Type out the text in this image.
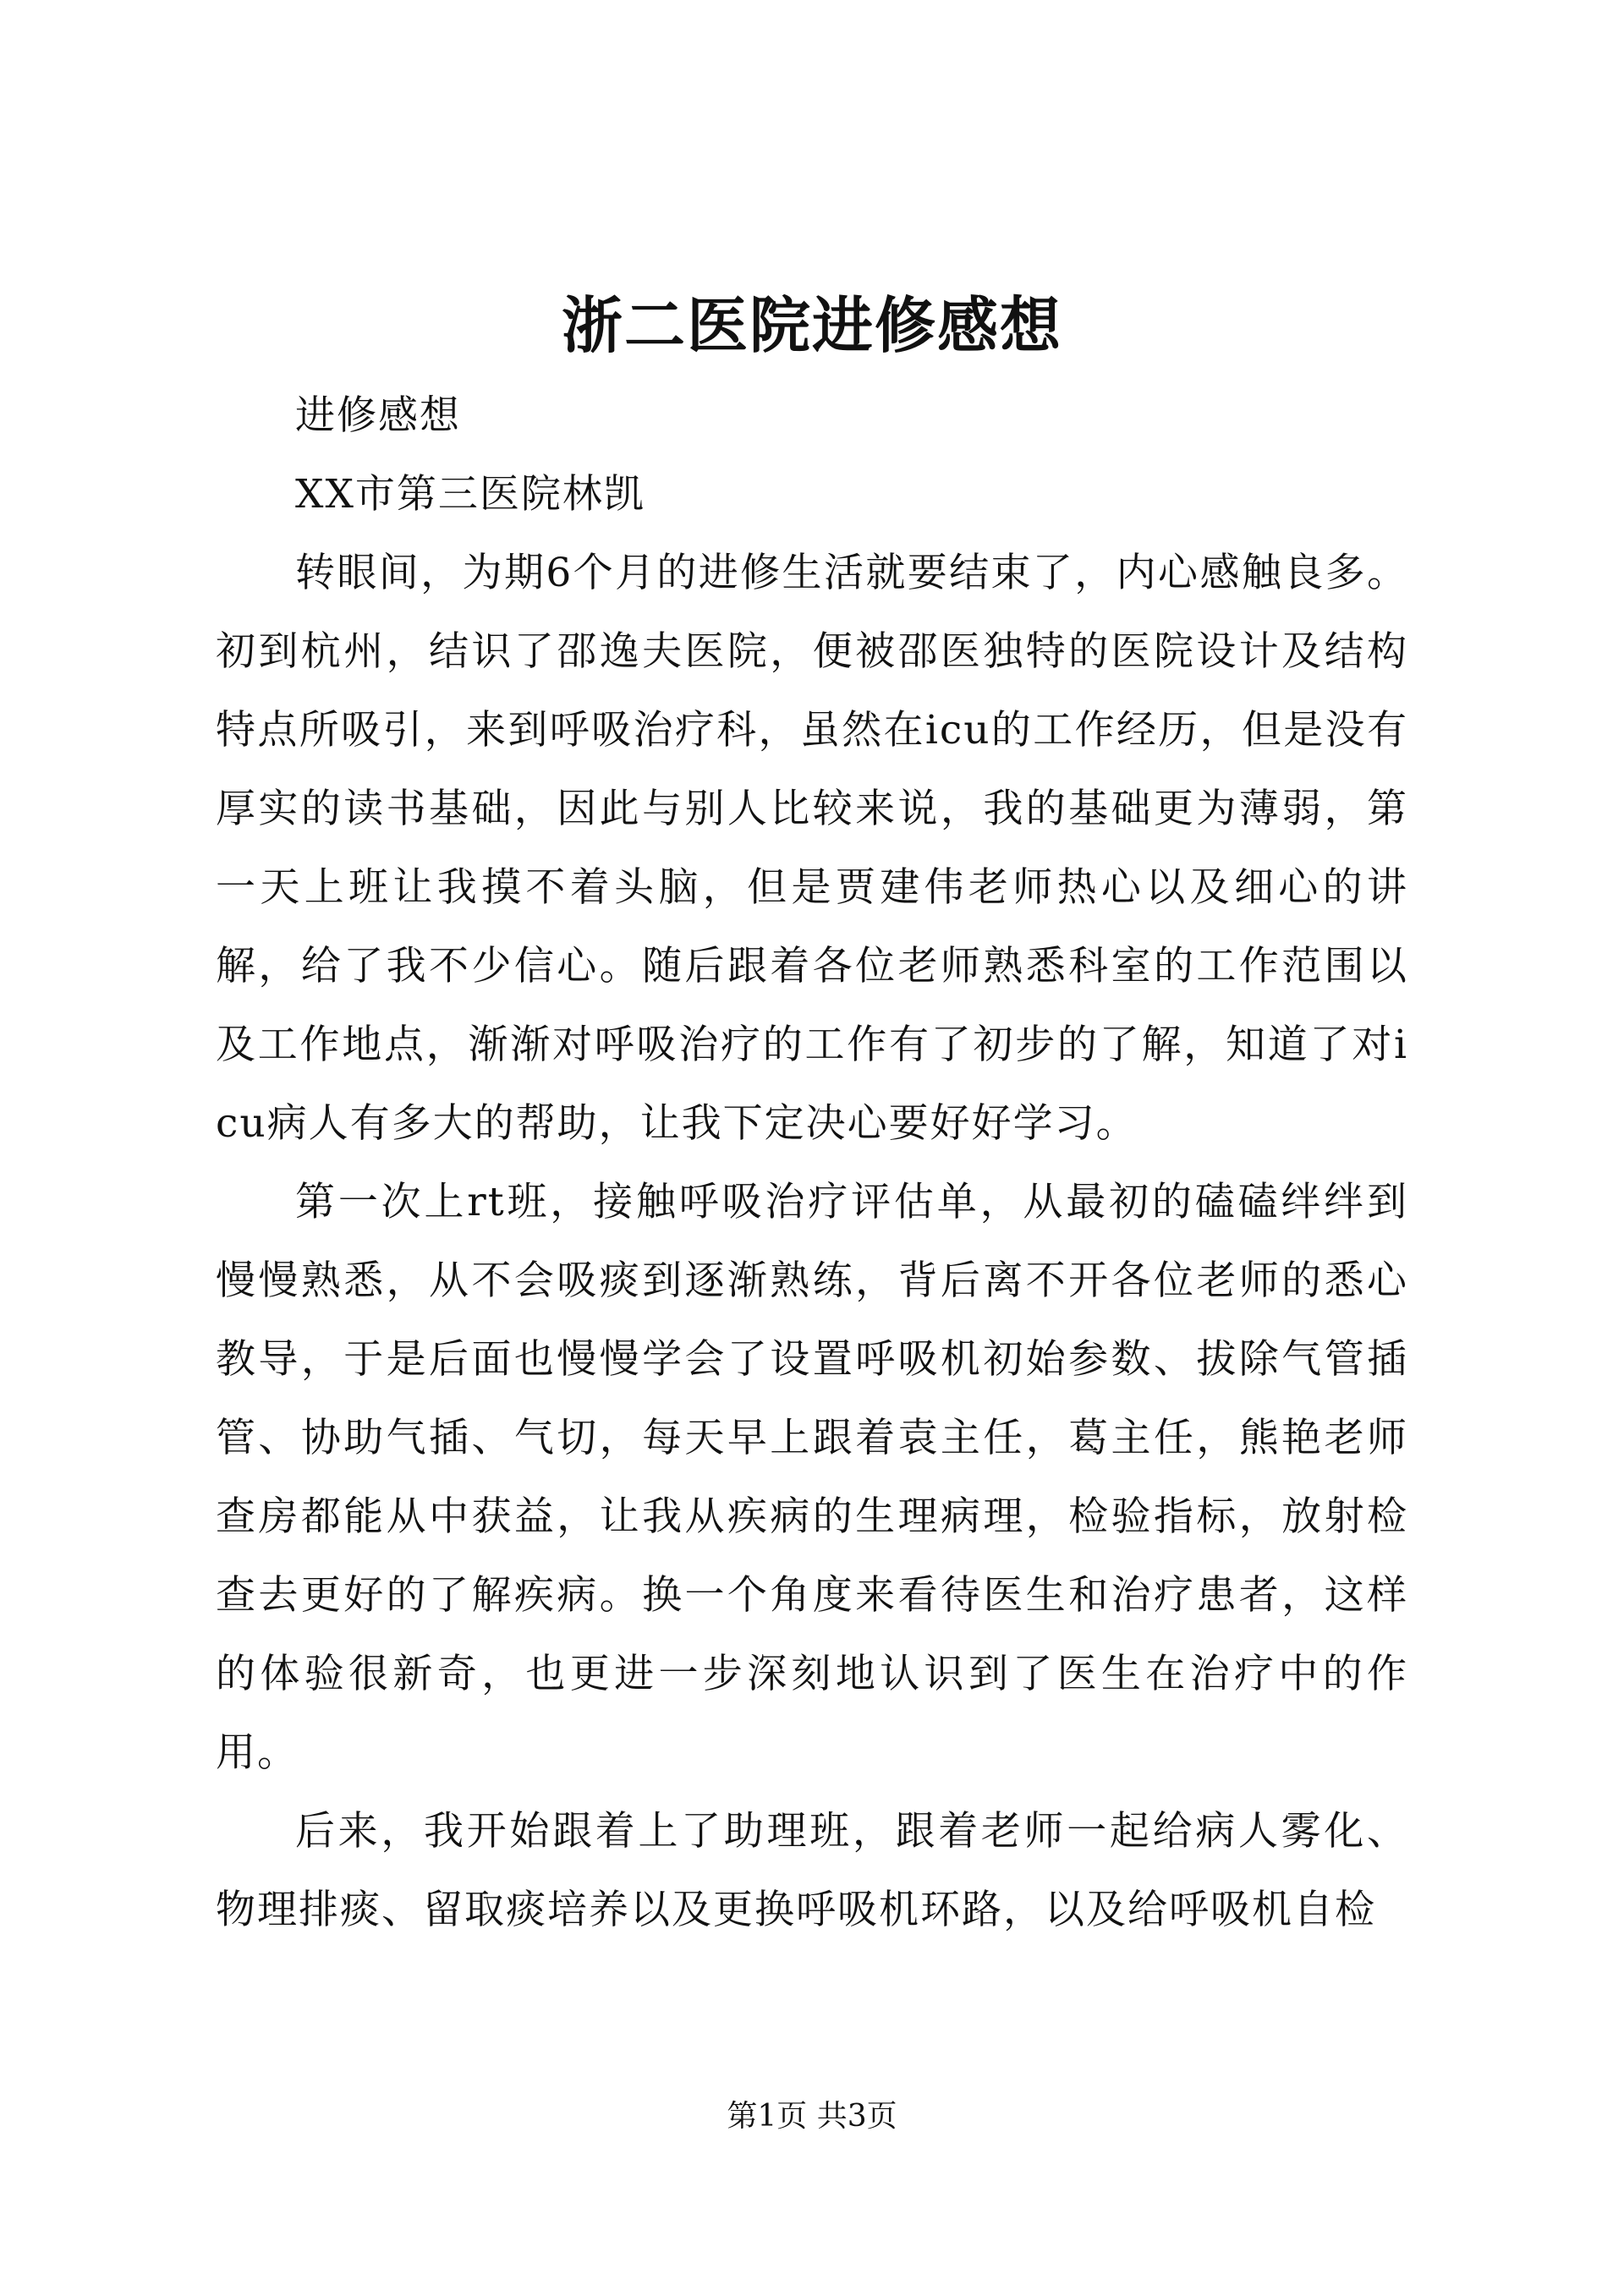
浙二医院进修感想

进修感想

XX市第三医院林凯

转眼间，为期6个月的进修生活就要结束了，内心感触良多。初到杭州，结识了邵逸夫医院，便被邵医独特的医院设计及结构特点所吸引，来到呼吸治疗科，虽然在icu的工作经历，但是没有厚实的读书基础，因此与别人比较来说，我的基础更为薄弱，第一天上班让我摸不着头脑，但是贾建伟老师热心以及细心的讲解，给了我不少信心。随后跟着各位老师熟悉科室的工作范围以及工作地点，渐渐对呼吸治疗的工作有了初步的了解，知道了对icu病人有多大的帮助，让我下定决心要好好学习。

第一次上rt班，接触呼吸治疗评估单，从最初的磕磕绊绊到慢慢熟悉，从不会吸痰到逐渐熟练，背后离不开各位老师的悉心教导，于是后面也慢慢学会了设置呼吸机初始参数、拔除气管插管、协助气插、气切，每天早上跟着袁主任，葛主任，熊艳老师查房都能从中获益，让我从疾病的生理病理，检验指标，放射检查去更好的了解疾病。换一个角度来看待医生和治疗患者，这样的体验很新奇，也更进一步深刻地认识到了医生在治疗中的作用。

后来，我开始跟着上了助理班，跟着老师一起给病人雾化、物理排痰、留取痰培养以及更换呼吸机环路，以及给呼吸机自检

第1页 共3页
